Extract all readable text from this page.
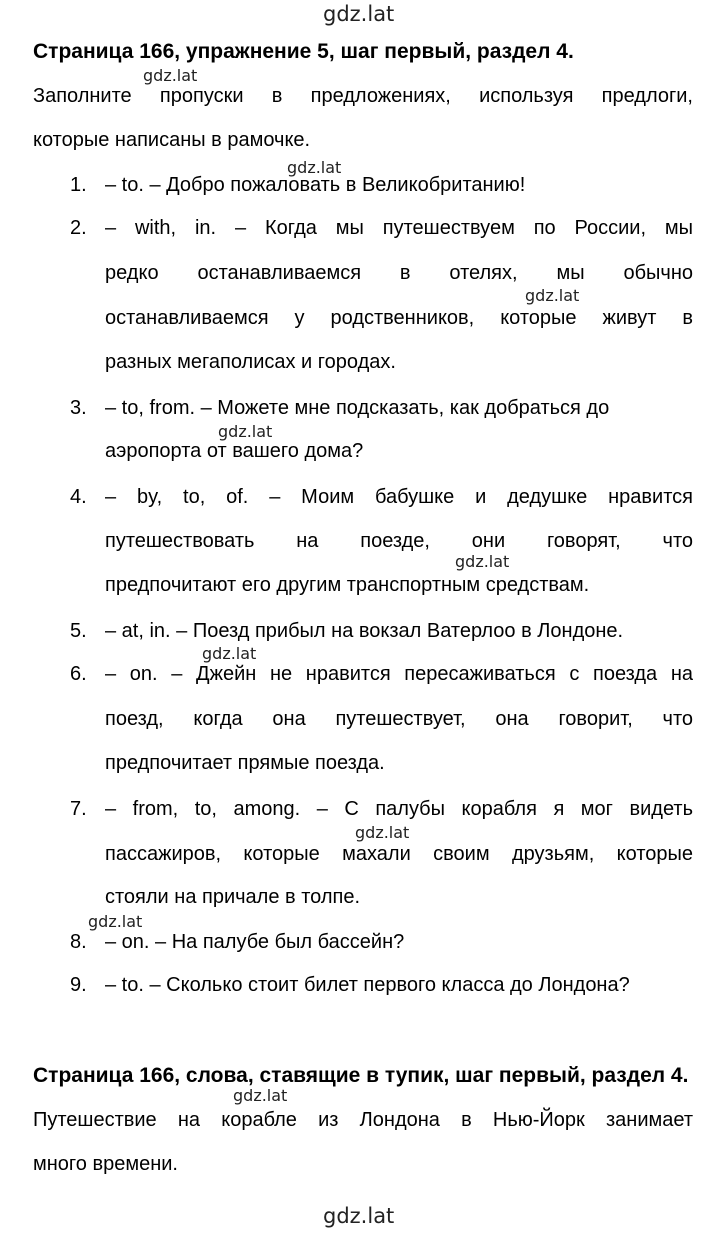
gdz.lat
gdz.lat
gdz.lat
gdz.lat
gdz.lat
gdz.lat
gdz.lat
gdz.lat
gdz.lat
gdz.lat
gdz.lat
Страница 166, упражнение 5, шаг первый, раздел 4.
Заполните пропуски в предложениях, используя предлоги,
которые написаны в рамочке.
1. – to. – Добро пожаловать в Великобританию!
2. – with, in. – Когда мы путешествуем по России, мы
редко останавливаемся в отелях, мы обычно
останавливаемся у родственников, которые живут в
разных мегаполисах и городах.
3. – to, from. – Можете мне подсказать, как добраться до
аэропорта от вашего дома?
4. – by, to, of. – Моим бабушке и дедушке нравится
путешествовать на поезде, они говорят, что
предпочитают его другим транспортным средствам.
5. – at, in. – Поезд прибыл на вокзал Ватерлоо в Лондоне.
6. – on. – Джейн не нравится пересаживаться с поезда на
поезд, когда она путешествует, она говорит, что
предпочитает прямые поезда.
7. – from, to, among. – С палубы корабля я мог видеть
пассажиров, которые махали своим друзьям, которые
стояли на причале в толпе.
8. – on. – На палубе был бассейн?
9. – to. – Сколько стоит билет первого класса до Лондона?
Страница 166, слова, ставящие в тупик, шаг первый, раздел 4.
Путешествие на корабле из Лондона в Нью-Йорк занимает
много времени.
